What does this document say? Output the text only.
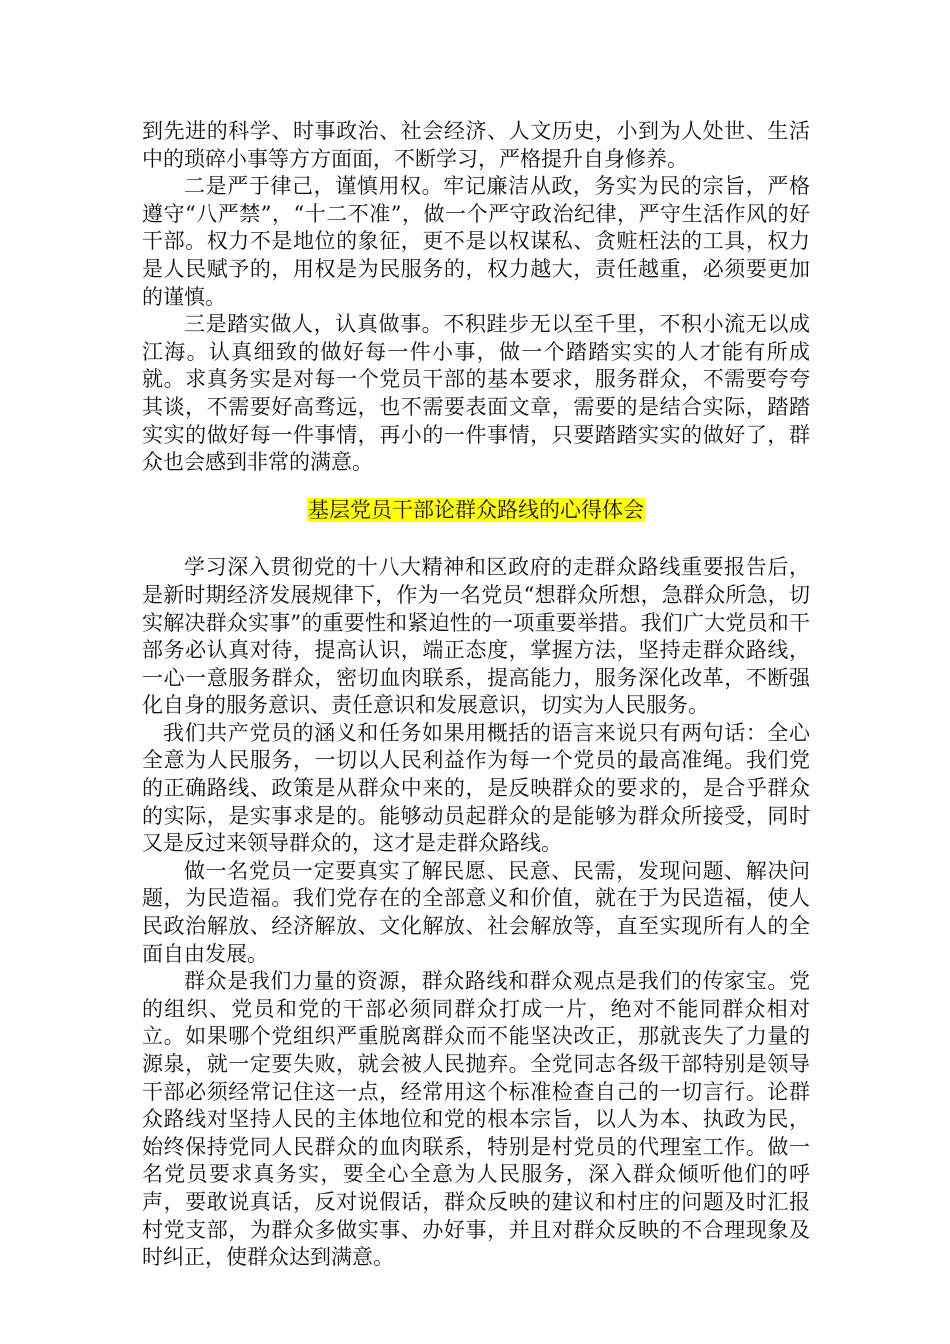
到先进的科学、时事政治、社会经济、人文历史，小到为人处世、生活中的琐碎小事等方方面面，不断学习，严格提升自身修养。

二是严于律己，谨慎用权。牢记廉洁从政，务实为民的宗旨，严格遵守“八严禁”，“十二不准”，做一个严守政治纪律，严守生活作风的好干部。权力不是地位的象征，更不是以权谋私、贪赃枉法的工具，权力是人民赋予的，用权是为民服务的，权力越大，责任越重，必须要更加的谨慎。

三是踏实做人，认真做事。不积跬步无以至千里，不积小流无以成江海。认真细致的做好每一件小事，做一个踏踏实实的人才能有所成就。求真务实是对每一个党员干部的基本要求，服务群众，不需要夸夸其谈，不需要好高骛远，也不需要表面文章，需要的是结合实际，踏踏实实的做好每一件事情，再小的一件事情，只要踏踏实实的做好了，群众也会感到非常的满意。

基层党员干部论群众路线的心得体会

学习深入贯彻党的十八大精神和区政府的走群众路线重要报告后，是新时期经济发展规律下，作为一名党员“想群众所想，急群众所急，切实解决群众实事”的重要性和紧迫性的一项重要举措。我们广大党员和干部务必认真对待，提高认识，端正态度，掌握方法，坚持走群众路线，一心一意服务群众，密切血肉联系，提高能力，服务深化改革，不断强化自身的服务意识、责任意识和发展意识，切实为人民服务。

我们共产党员的涵义和任务如果用概括的语言来说只有两句话：全心全意为人民服务，一切以人民利益作为每一个党员的最高准绳。我们党的正确路线、政策是从群众中来的，是反映群众的要求的，是合乎群众的实际，是实事求是的。能够动员起群众的是能够为群众所接受，同时又是反过来领导群众的，这才是走群众路线。

做一名党员一定要真实了解民愿、民意、民需，发现问题、解决问题，为民造福。我们党存在的全部意义和价值，就在于为民造福，使人民政治解放、经济解放、文化解放、社会解放等，直至实现所有人的全面自由发展。

群众是我们力量的资源，群众路线和群众观点是我们的传家宝。党的组织、党员和党的干部必须同群众打成一片，绝对不能同群众相对立。如果哪个党组织严重脱离群众而不能坚决改正，那就丧失了力量的源泉，就一定要失败，就会被人民抛弃。全党同志各级干部特别是领导干部必须经常记住这一点，经常用这个标准检查自己的一切言行。论群众路线对坚持人民的主体地位和党的根本宗旨，以人为本、执政为民，始终保持党同人民群众的血肉联系，特别是村党员的代理室工作。做一名党员要求真务实，要全心全意为人民服务，深入群众倾听他们的呼声，要敢说真话，反对说假话，群众反映的建议和村庄的问题及时汇报村党支部，为群众多做实事、办好事，并且对群众反映的不合理现象及时纠正，使群众达到满意。
